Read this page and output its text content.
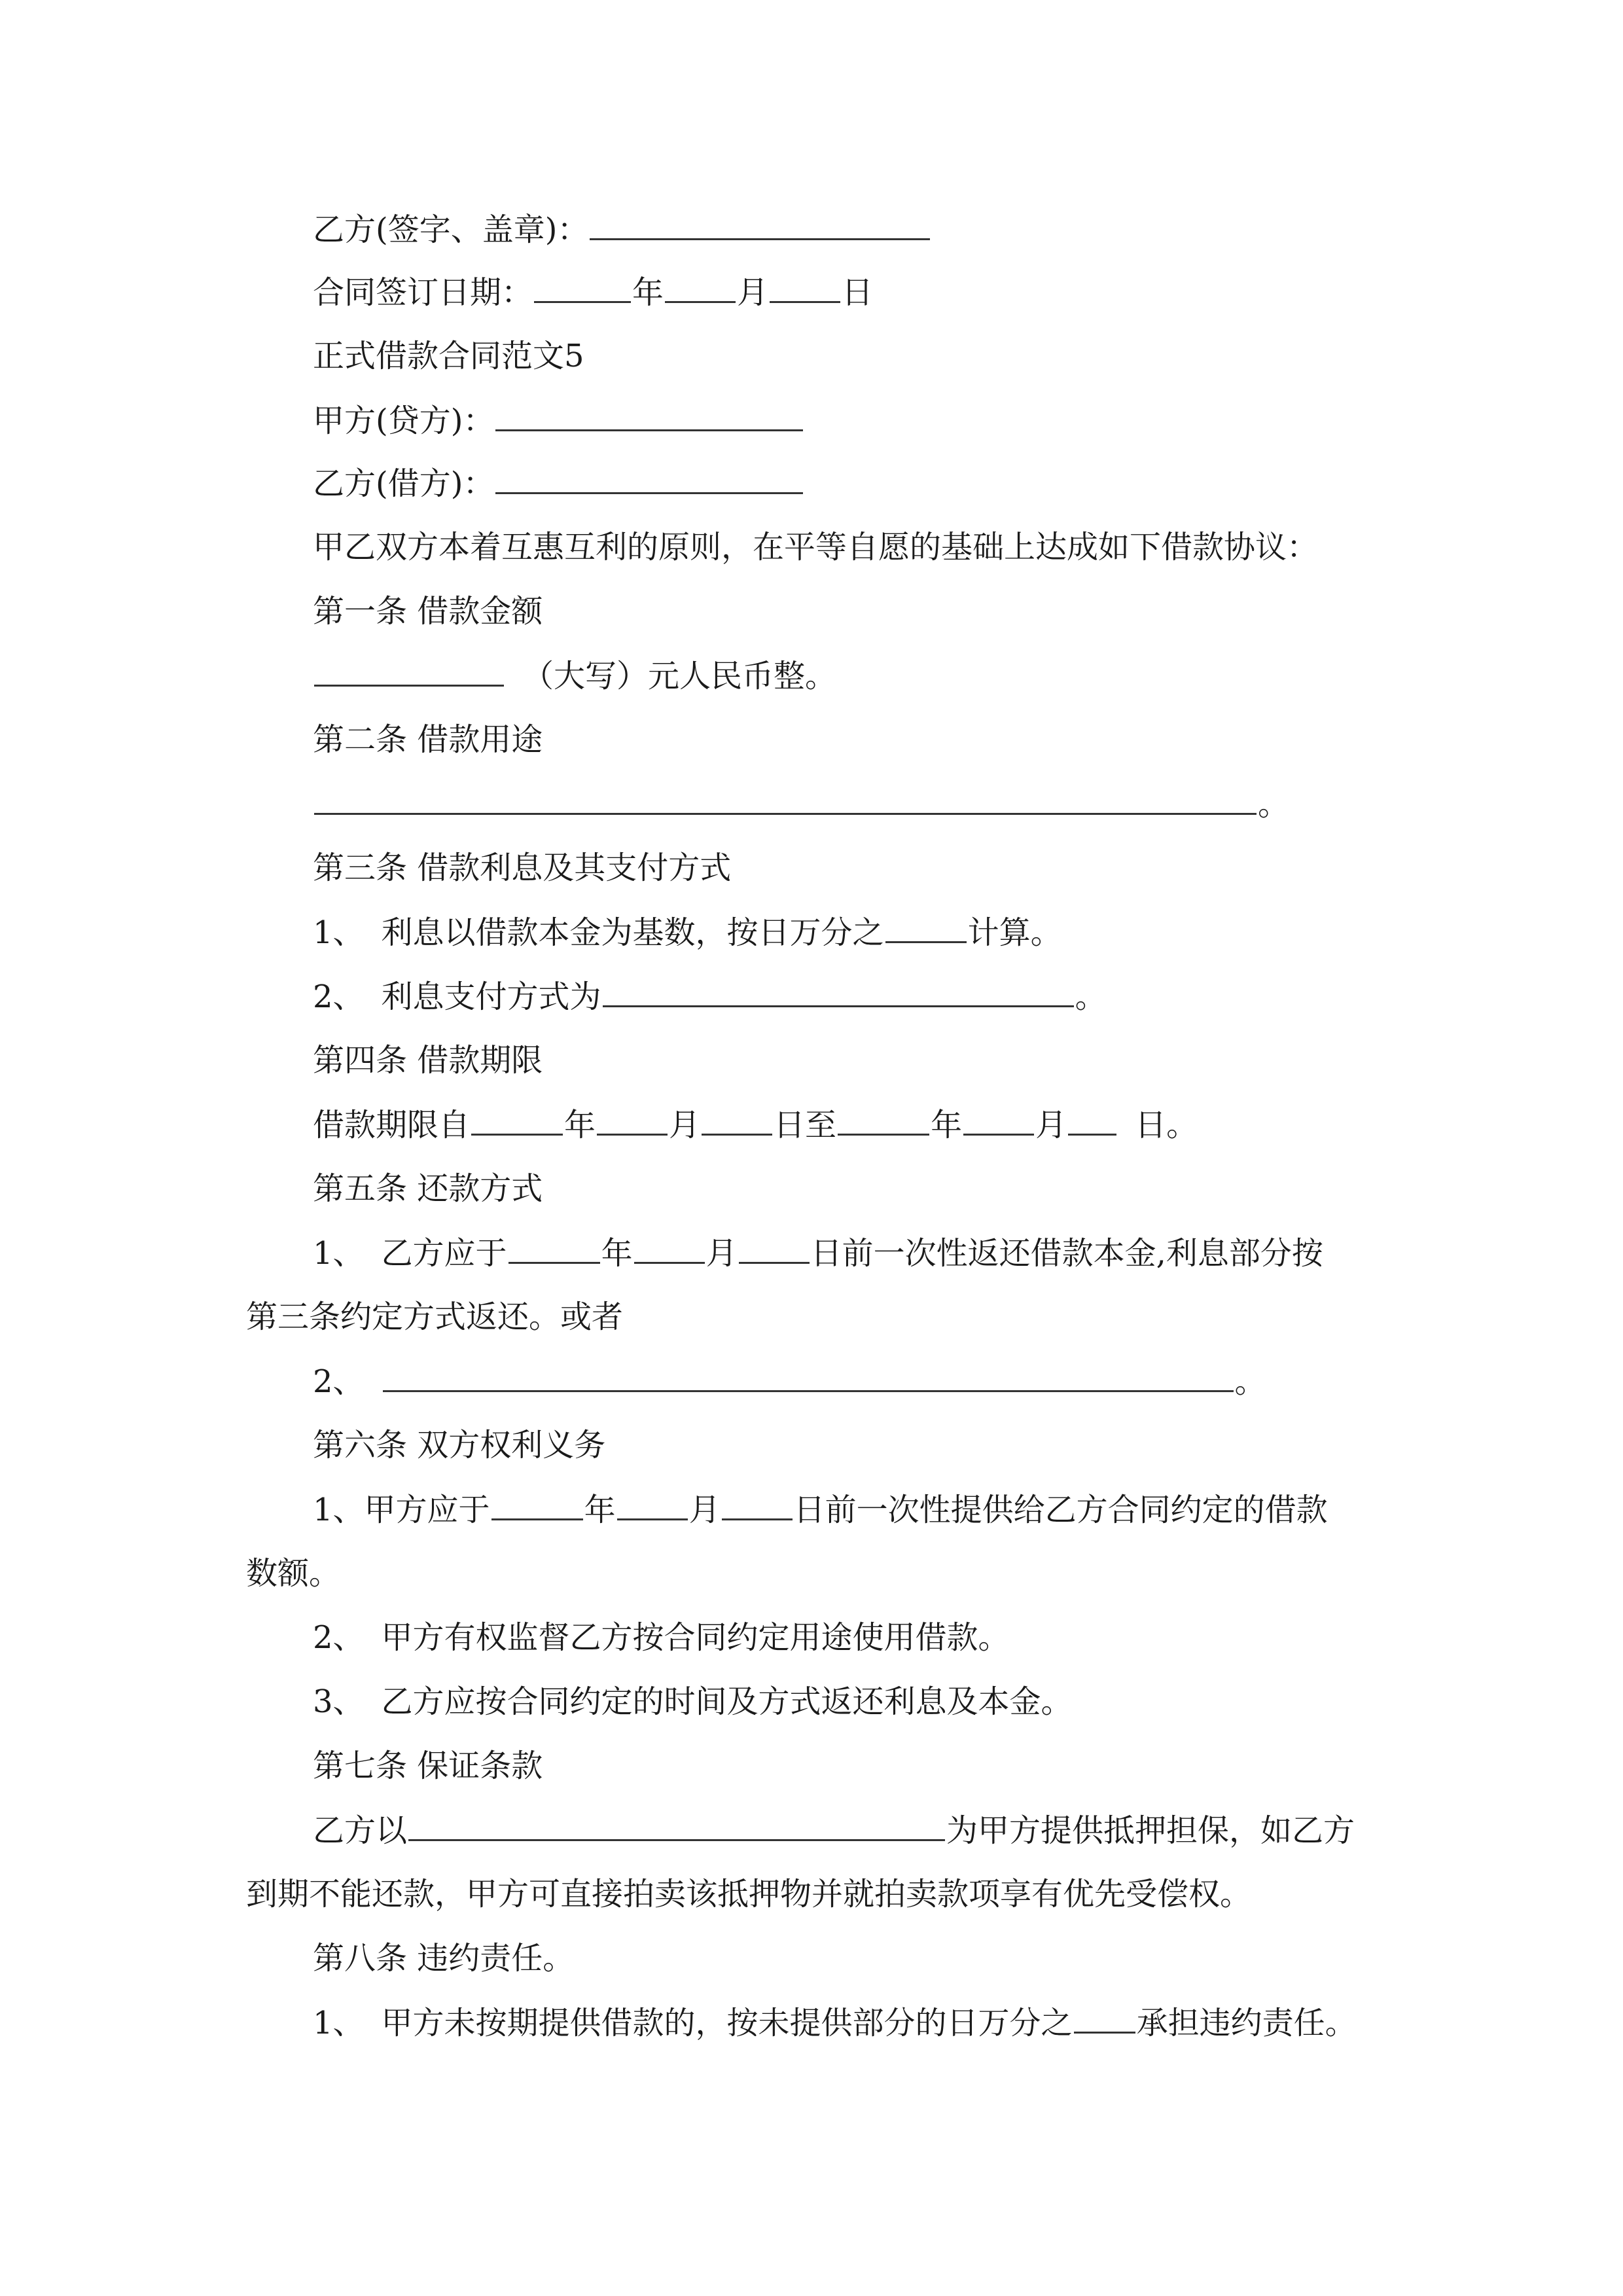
乙方(签字、盖章)：
合同签订日期：	年 月 日
正式借款合同范文5
甲方(贷方)：
乙方(借方)：
甲乙双方本着互惠互利的原则，在平等自愿的基础上达成如下借款协议：
第一条 借款金额
（大写）元人民币整。
第二条 借款用途
。
第三条 借款利息及其支付方式
1、 利息以借款本金为基数，按日万分之	计算。
2、 利息支付方式为	。
第四条 借款期限
借款期限自	年 月 日至	年 月 日。
第五条 还款方式
1、 乙方应于	年 月 日前一次性返还借款本金,利息部分按
第三条约定方式返还。或者
2、	。
第六条 双方权利义务
1、甲方应于	年 月 日前一次性提供给乙方合同约定的借款
数额。
2、 甲方有权监督乙方按合同约定用途使用借款。
3、 乙方应按合同约定的时间及方式返还利息及本金。
第七条 保证条款
乙方以	为甲方提供抵押担保，如乙方
到期不能还款，甲方可直接拍卖该抵押物并就拍卖款项享有优先受偿权。
第八条 违约责任。
1、 甲方未按期提供借款的，按未提供部分的日万分之 承担违约责任。
